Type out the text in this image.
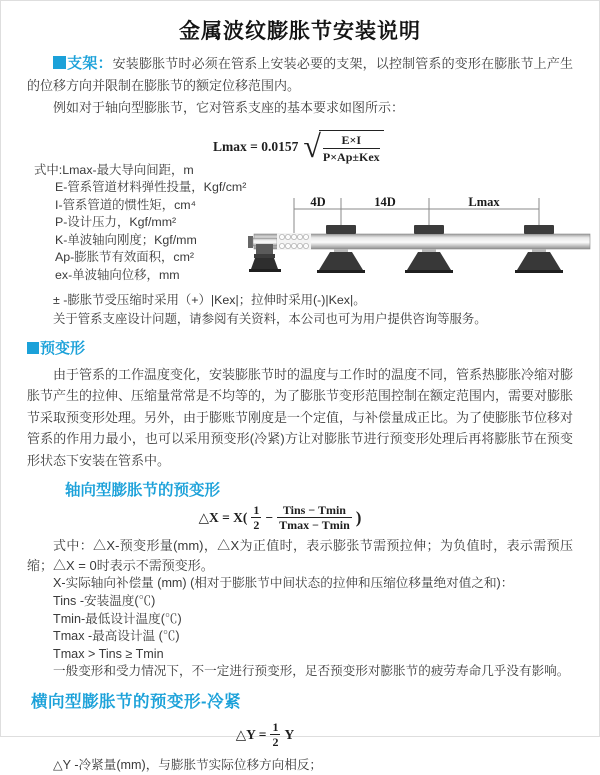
金属波纹膨胀节安装说明

支架：安装膨胀节时必须在管系上安装必要的支架，以控制管系的变形在膨胀节上产生的位移方向并限制在膨胀节的额定位移范围内。

例如对于轴向型膨胀节，它对管系支座的基本要求如图所示：

Lmax = 0.0157 √	E×I
P×Ap±Kex
式中:Lmax-最大导向间距，m
E-管系管道材料弹性投量，Kgf/cm²
I-管系管道的惯性矩，cm⁴
P-设计压力，Kgf/mm²
K-单波轴向刚度；Kgf/mm
Ap-膨胀节有效面积，cm²
ex-单波轴向位移，mm
4D	14D	Lmax
± -膨胀节受压缩时采用（+）|Kex|；拉伸时采用(-)|Kex|。
关于管系支座设计问题，请参阅有关资料，本公司也可为用户提供咨询等服务。
预变形

由于管系的工作温度变化，安装膨胀节时的温度与工作时的温度不同，管系热膨胀冷缩对膨胀节产生的拉伸、压缩量常常是不均等的，为了膨胀节变形范围控制在额定范围内，需要对膨胀节采取预变形处理。另外，由于膨账节刚度是一个定值，与补偿量成正比。为了使膨胀节位移对管系的作用力最小，也可以采用预变形(冷紧)方让对膨胀节进行预变形处理后再将膨胀节在预变形状态下安装在管系中。

轴向型膨胀节的预变形
△X = $X( \frac{1}{2}$ − Tins − Tmin
Tmax − Tmin )

式中：△X-预变形量(mm)，△X为正值时，表示膨张节需预拉伸；为负值时，表示需预压缩；△X = 0时表示不需预变形。

X-实际轴向补偿量 (mm) (相对于膨胀节中间状态的拉伸和压缩位移量绝对值之和)：
Tins -安装温度(℃)
Tmin-最低设计温度(℃)
Tmax -最高设计温 (℃)
Tmax > Tins ≥ Tmin
一般变形和受力情况下，不一定进行预变形，足否预变形对膨胀节的疲劳寿命几乎没有影响。
横向型膨胀节的预变形-冷紧
△Y = $\frac{1}{2}$ Y
△Y -冷紧量(mm)，与膨胀节实际位移方向相反；
